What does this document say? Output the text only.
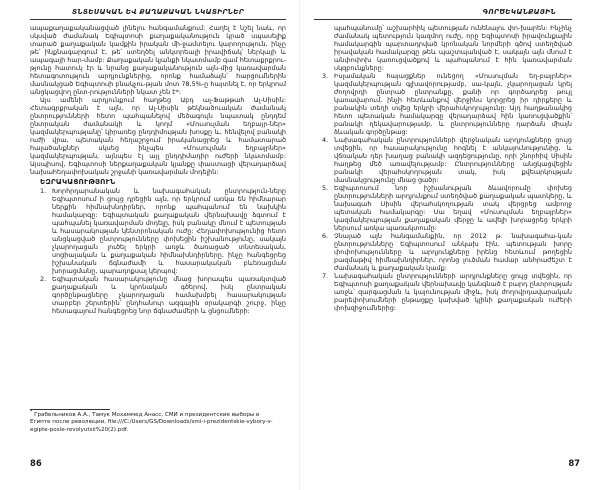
ՏՆՏԵՍԱԿԱՆ ԵՎ ՔԱՂԱՔԱԿԱՆ ՆԿԱՏԻՐՆԵՐ

ապաքաղաքականացված լինելու հանգամանքում: Հաղել է նշել նաև, որ սկսված ժամանակ Եգիպտոսի քաղաքականություն կրած սպասելիք տարած քաղաքական կամքին իրական մի-ջամտելու կարողություն, ինչը թե՛ ինքնագարգում է, թե՛ ստեղծել անկտրեալի իրավիճակ՝ ներկայի և ապագայի հար-մամբ: Քաղաքական կյանքի նկատմամբ գամ հետաքրքրու-թյունը հատուկ էր և նրանց քաղաքականություն այն-մից կառավարման հետագոտություն արդյունքներից, որոնք համաձայն՝ հարցումներին մասնակցած Եգիպտոսի բնակչու-թյան մոտ 78,5%-ը հայտնել է, որ երկրում անցկացվող ընտ-րությունների նկատ չեն է*:

Այս ամենի արդյունքում հաղթեց Աբդ ալ-Ֆաթթահ Ալ-Սիսին: Հետագրքրական է այն, որ Ալ-Սիսին թեկնածուական ժամանակ ընտրությունների հետո պահպանելով մեծագույն նպատակ ընդդեմ ընտրական ժամանակի և կողմ «Մուսուլման եղբայր-ներ» կազմակերպությանը՝ կիրառեց ընդդիմության խոսքը և, հենվելով բանակի ուժի վրա, պետական հեղաշրջում իրականացրեց և համատարած հալածանքներ սկսեց ինչպես «Մուսուլման եղբայրներ» կազմակերպության, այնպես էլ այլ ընդդիմադիր ուժերի նկատմամբ: Այսպիսով, Եգիպտոսի ներքաղաքական կյանքը փաստացի վերադարձավ նախահեղափոխական շրջանի կառավարման մոդելին:

ԵԶՐԱԿԱՑՈՒԹՅՈՒՆ
1. Խորհրդարանական և նախագահական ընտրություն-ները Եգիպտոսում ի ցույց դրեցին այն, որ երկրում առկա են հիմնարար ներքին հիմնախնդիրներ, որոնք պահպանում են նախկին համակարգը: Եգիպտական քաղաքական վերնախավը ձգտում է պահպանել կառավարման մոդելը, իսկ բանակը մնում է պետության և հասարակության կենտրոնական ուժը: Հեղափոխությունից հետո անցկացված ընտրությունները փոխեցին իշխանությունը, սակայն չկարողացան լուծել երկրի առջև ծառացած տնտեսական, սոցիալական և քաղաքական հիմնախնդիրները, ինչը հանգեցրեց իշխանական ճգնաժամի և հասարակական բևեռացման խորացմանը, պարադոքսալ կերպով:
2. Եգիպտական հասարակությունը մնաց խորապես պառակտված քաղաքական և կրոնական գծերով, իսկ ընտրական գործընթացները չկարողացան համախմբել հասարակության տարբեր շերտերին՝ ընդհանուր ազգային օրակարգի շուրջ, ինչը հետագայում հանգեցրեց նոր ճգնաժամերի և ցնցումների:
86
* Грабельников А.А., Тамук Мохаммед Анасс, СМИ и президентские выборы в Египте после революции, file:///C:/Users/GS/Downloads/smi-i-prezidentskie-vybory-v-egipte-posle-revolyutsii%20(2).pdf.
ԳՈՐԾԵԿԱՆՔԱՅԻՆ
պահպանումը՝ աշխարհիկ պետության ունենալու փո-խարեն: Ինչինչ ժամանակ պետություն կազմող ուժը, որը Եգիպտոսի իրավունքային համակարգին պարտադրված կրոնական նորմերի գծով ստեղծված իրավական համակարգը թեև պաշտպանված է, սակայն այն մնում է անփոփոխ կառուցվածքով և պահպանում է հին կառավարման սկզբունքները:
3. Իսլամական հայացքներ ունեցող «Մուսուլման եղ-բայրներ» կազմակերպության գլխավորությամբ, սա-կայն, չկարողացան կրել ժողովրդի ընտրած ընտրանքը, քանի որ գործադրեց թույլ կառավարում, ինչի հետևանքով վերջինս կորցրեց իր դիրքերը և բանակին տեղի տվեց երկրի վերահսկողությունը: Այդ հաղթանակից հետո պետական համակարգը վերադարձավ հին կառուցվածքին՝ բանակի ղեկավարությամբ, և ընտրությունները դարձան միայն ձևական գործընթաց:
4. Նախագահական ընտրությունների վերջնական արդյունքները ցույց տվեցին, որ հասարակությունը հոգնել է անկայունությունից, և վճռական դեր խաղաց բանակի ազդեցությունը, որի շնորհիվ Սիսին հաղթեց մեծ առավելությամբ: Ընտրությունները անցկացվեցին բանակի վերահսկողության տակ, իսկ քվեարկության մասնակցությունը մնաց ցածր:
5. Եգիպտոսում նոր իշխանության ձևավորումը փոխեց ընտրությունների արդյունքում ստեղծված քաղաքական պատկերը, և նախագահ Սիսին վերահսկողության տակ վերցրեց ամբողջ պետական համակարգը: Սա եղավ «Մուսուլման եղբայրներ» կազմակերպության քաղաքական վերջը և ավելի խորացրեց երկրի ներսում առկա պառակտումը:
6. Չնայած այն հանգամանքին, որ 2012 թ. նախագահա-կան ընտրությունները Եգիպտոսում անկախ էին, պետության խորը փոփոխությունները և արդյունքները իրենց հետևում թողեցին բազմաթիվ հիմնախնդիրներ, որոնց լուծման համար անհրաժեշտ է ժամանակ և քաղաքական կամք:
7. Նախագահական ընտրությունների արդյունքները ցույց տվեցին, որ Եգիպտոսի քաղաքական վերնախավը կանգնած է բարդ ընտրության առջև՝ զարգացման և կայունության միջև, իսկ ժողովրդավարական բարեփոխումների ընթացքը կախված կլինի քաղաքական ուժերի փոխզիջումներից:
87
